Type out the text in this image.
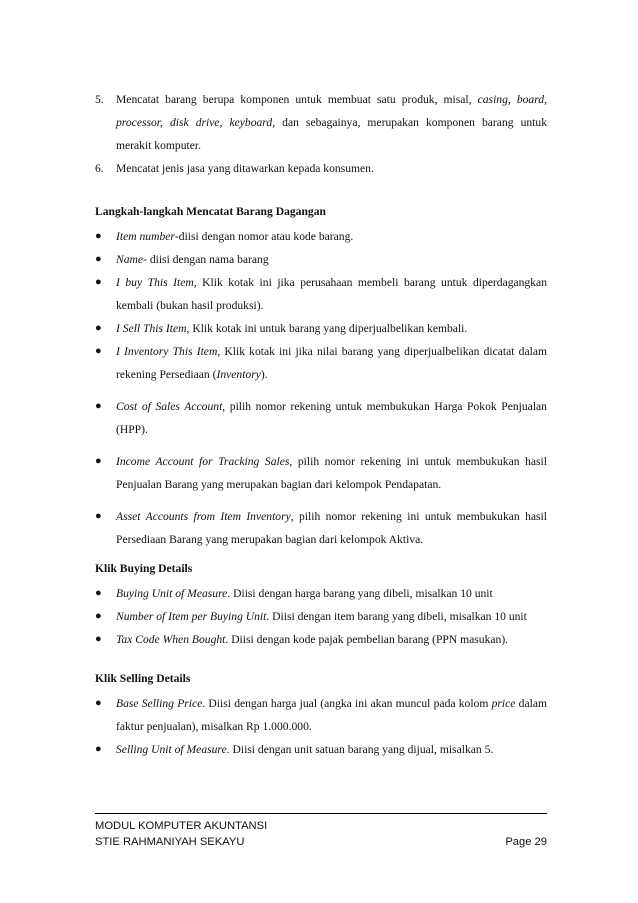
5. Mencatat barang berupa komponen untuk membuat satu produk, misal, casing, board, processor, disk drive, keyboard, dan sebagainya, merupakan komponen barang untuk merakit komputer.
6. Mencatat jenis jasa yang ditawarkan kepada konsumen.
Langkah-langkah Mencatat Barang Dagangan
● Item number-diisi dengan nomor atau kode barang.
● Name- diisi dengan nama barang
● I buy This Item, Klik kotak ini jika perusahaan membeli barang untuk diperdagangkan kembali (bukan hasil produksi).
● I Sell This Item, Klik kotak ini untuk barang yang diperjualbelikan kembali.
● I Inventory This Item, Klik kotak ini jika nilai barang yang diperjualbelikan dicatat dalam rekening Persediaan (Inventory).
● Cost of Sales Account, pilih nomor rekening untuk membukukan Harga Pokok Penjualan (HPP).
● Income Account for Tracking Sales, pilih nomor rekening ini untuk membukukan hasil Penjualan Barang yang merupakan bagian dari kelompok Pendapatan.
● Asset Accounts from Item Inventory, pilih nomor rekening ini untuk membukukan hasil Persediaan Barang yang merupakan bagian dari kelompok Aktiva.
Klik Buying Details
● Buying Unit of Measure. Diisi dengan harga barang yang dibeli, misalkan 10 unit
● Number of Item per Buying Unit. Diisi dengan item barang yang dibeli, misalkan 10 unit
● Tax Code When Bought. Diisi dengan kode pajak pembelian barang (PPN masukan).
Klik Selling Details
● Base Selling Price. Diisi dengan harga jual (angka ini akan muncul pada kolom price dalam faktur penjualan), misalkan Rp 1.000.000.
● Selling Unit of Measure. Diisi dengan unit satuan barang yang dijual, misalkan 5.
MODUL KOMPUTER AKUNTANSI
STIE RAHMANIYAH SEKAYU	Page 29
